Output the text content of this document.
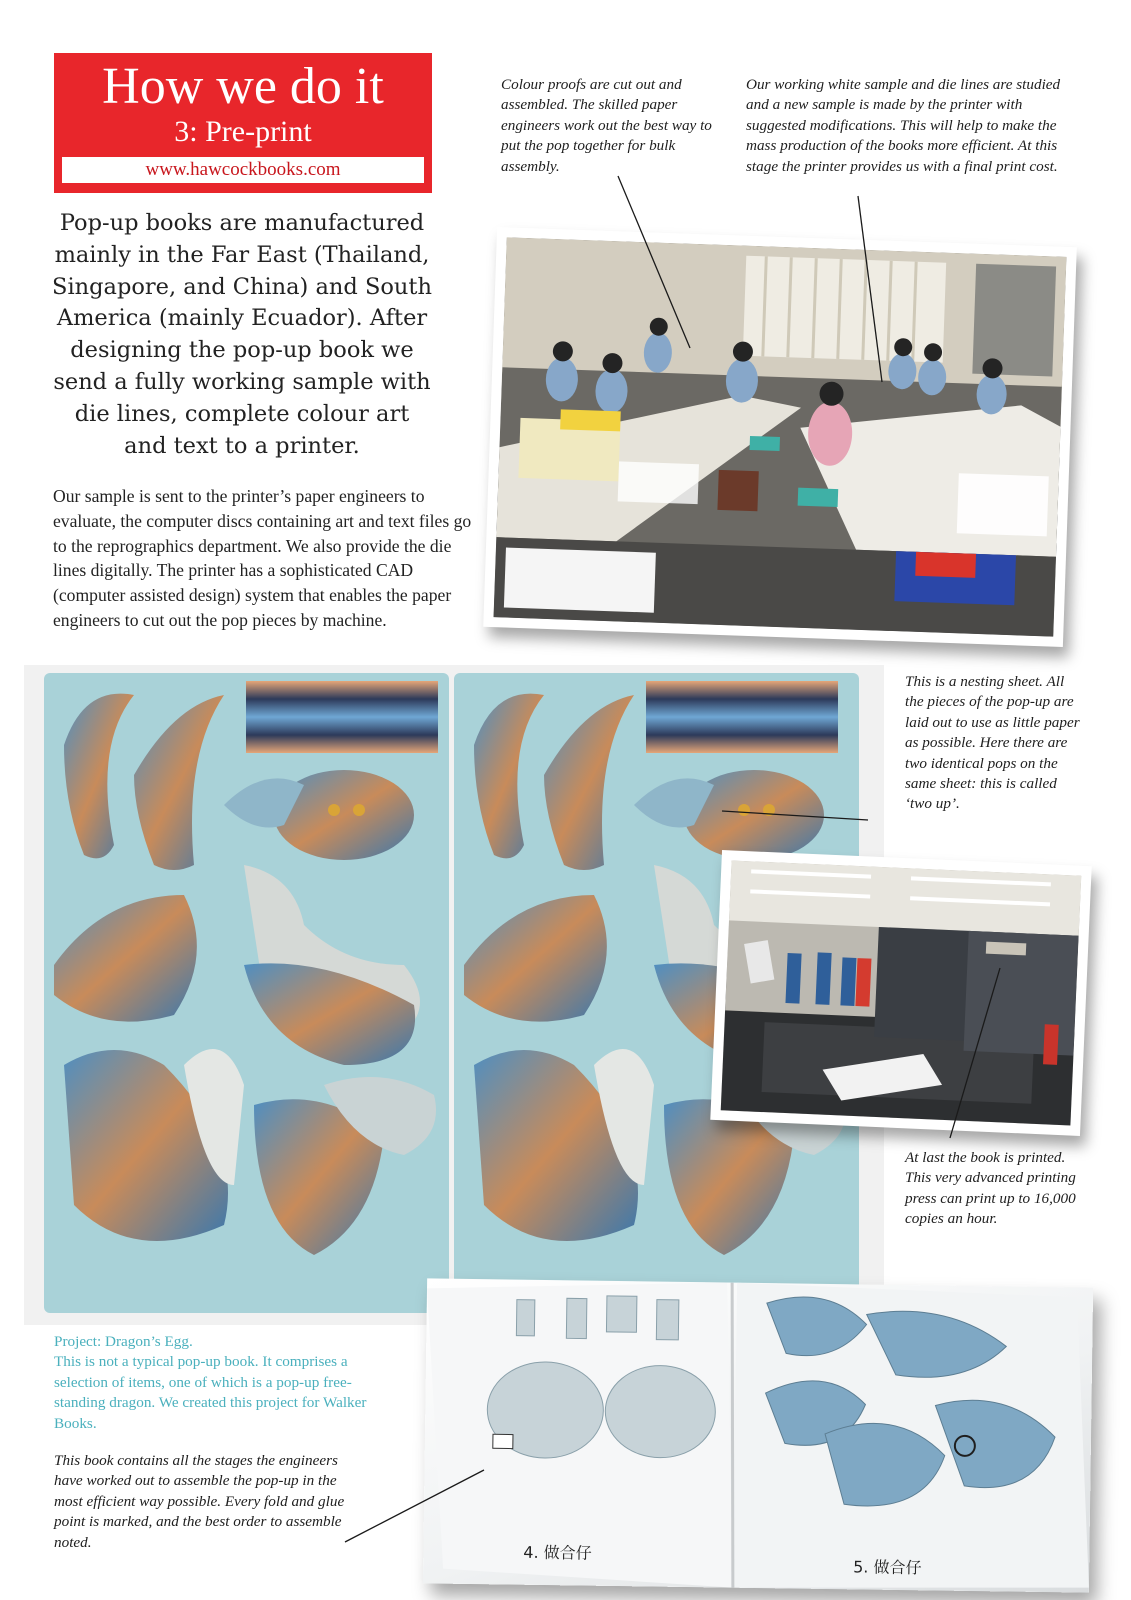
How we do it
3: Pre-print
www.hawcockbooks.com
Pop-up books are manufactured mainly in the Far East (Thailand, Singapore, and China) and South America (mainly Ecuador). After designing the pop-up book we send a fully working sample with die lines, complete colour art and text to a printer.
Our sample is sent to the printer’s paper engineers to evaluate, the computer discs containing art and text files go to the reprographics department. We also provide the die lines digitally. The printer has a sophisticated CAD (computer assisted design) system that enables the paper engineers to cut out the pop pieces by machine.
Colour proofs are cut out and assembled. The skilled paper engineers work out the best way to put the pop together for bulk assembly.
Our working white sample and die lines are studied and a new sample is made by the printer with suggested modifications. This will help to make the mass production of the books more efficient. At this stage the printer provides us with a final print cost.
This is a nesting sheet. All the pieces of the pop-up are laid out to use as little paper as possible. Here there are two identical pops on the same sheet: this is called ‘two up’.
At last the book is printed. This very advanced printing press can print up to 16,000 copies an hour.
Project: Dragon’s Egg.
This is not a typical pop-up book. It comprises a selection of items, one of which is a pop-up free-standing dragon. We created this project for Walker Books.
This book contains all the stages the engineers have worked out to assemble the pop-up in the most efficient way possible. Every fold and glue point is marked, and the best order to assemble noted.
4. 做合仔
5. 做合仔
